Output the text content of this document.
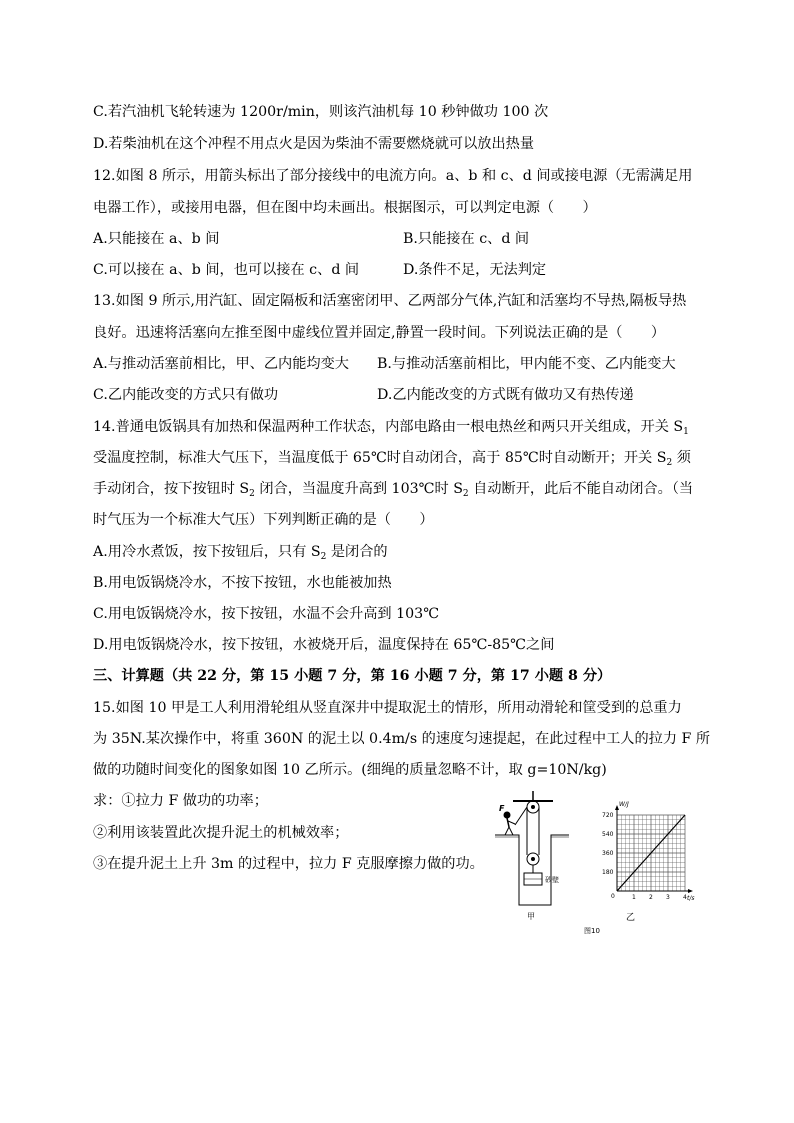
C.若汽油机飞轮转速为 1200r/min，则该汽油机每 10 秒钟做功 100 次
D.若柴油机在这个冲程不用点火是因为柴油不需要燃烧就可以放出热量
12.如图 8 所示，用箭头标出了部分接线中的电流方向。a、b 和 c、d 间或接电源（无需满足用
电器工作），或接用电器，但在图中均未画出。根据图示，可以判定电源（　　）
A.只能接在 a、b 间	B.只能接在 c、d 间
C.可以接在 a、b 间，也可以接在 c、d 间	D.条件不足，无法判定
13.如图 9 所示,用汽缸、固定隔板和活塞密闭甲、乙两部分气体,汽缸和活塞均不导热,隔板导热
良好。迅速将活塞向左推至图中虚线位置并固定,静置一段时间。下列说法正确的是（　　）
A.与推动活塞前相比，甲、乙内能均变大 B.与推动活塞前相比，甲内能不变、乙内能变大
C.乙内能改变的方式只有做功	D.乙内能改变的方式既有做功又有热传递
14.普通电饭锅具有加热和保温两种工作状态，内部电路由一根电热丝和两只开关组成，开关 $S_1$
受温度控制，标准大气压下，当温度低于 65℃时自动闭合，高于 85℃时自动断开；开关 $S_2$ 须
手动闭合，按下按钮时 $S_2$ 闭合，当温度升高到 103℃时 $S_2$ 自动断开，此后不能自动闭合。（当
时气压为一个标准大气压）下列判断正确的是（　　）
A.用冷水煮饭，按下按钮后，只有 $S_2$ 是闭合的
B.用电饭锅烧冷水，不按下按钮，水也能被加热
C.用电饭锅烧冷水，按下按钮，水温不会升高到 103℃
D.用电饭锅烧冷水，按下按钮，水被烧开后，温度保持在 65℃-85℃之间
三、计算题（共 22 分，第 15 小题 7 分，第 16 小题 7 分，第 17 小题 8 分）
15.如图 10 甲是工人利用滑轮组从竖直深井中提取泥土的情形，所用动滑轮和筐受到的总重力
为 35N.某次操作中，将重 360N 的泥土以 0.4m/s 的速度匀速提起，在此过程中工人的拉力 F 所
做的功随时间变化的图象如图 10 乙所示。(细绳的质量忽略不计，取 g=10N/kg)
求：①拉力 F 做功的功率；
②利用该装置此次提升泥土的机械效率；
③在提升泥土上升 3m 的过程中，拉力 F 克服摩擦力做的功。
F
砂壁
甲
W/J
t/s
0	1 2 3 4
180
360
540
720
乙
图10
